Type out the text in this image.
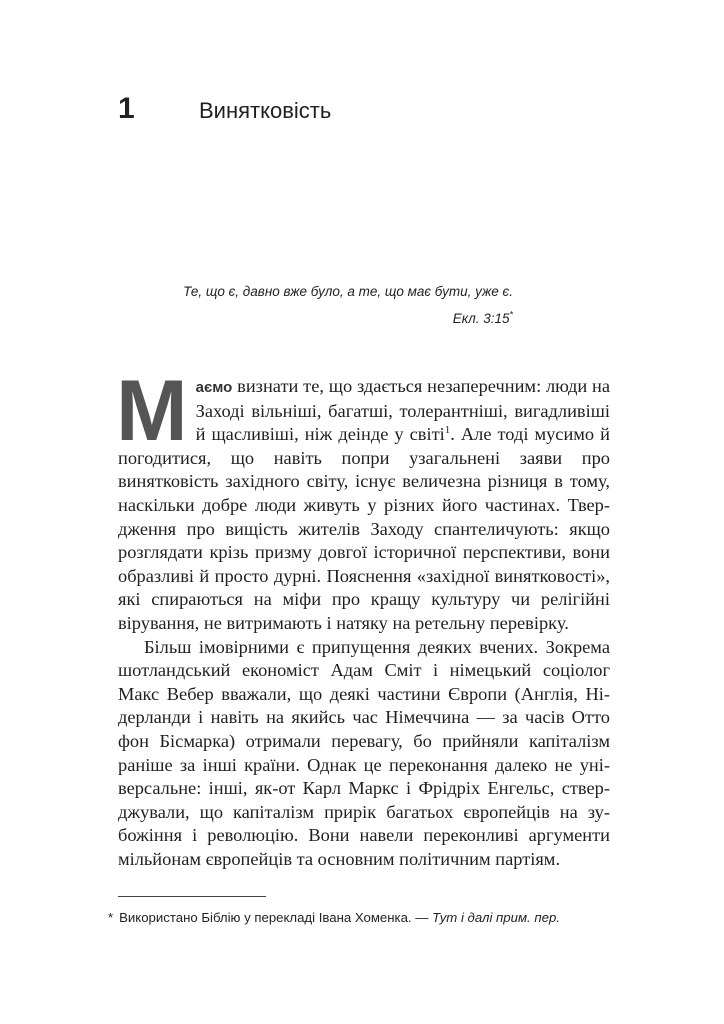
1	Винятковість
Те, що є, давно вже було, а те, що має бути, уже є.
Екл. 3:15*

Маємо визнати те, що здається незаперечним: люди на Заході вільніші, багатші, толерантніші, вигадливіші й щасливіші, ніж деінде у світі$^1$. Але тоді мусимо й погодитися, що навіть попри узагальнені заяви про винятковість західного світу, існує величезна різниця в тому, наскільки добре люди живуть у різних його частинах. Твердження про вищість жителів Заходу спантеличують: якщо розглядати крізь призму довгої історичної перспективи, вони образливі й просто дурні. Пояснення «західної винятковості», які спираються на міфи про кращу культуру чи релігійні вірування, не витримають і натяку на ретельну перевірку.

Більш імовірними є припущення деяких вчених. Зокрема шотландський економіст Адам Сміт і німецький соціолог Макс Вебер вважали, що деякі частини Європи (Англія, Нідерланди і навіть на якийсь час Німеччина — за часів Отто фон Бісмарка) отримали перевагу, бо прийняли капіталізм раніше за інші країни. Однак це переконання далеко не універсальне: інші, як-от Карл Маркс і Фрідріх Енгельс, стверджували, що капіталізм прирік багатьох європейців на зубожіння і революцію. Вони навели переконливі аргументи мільйонам європейців та основним політичним партіям.

* Використано Біблію у перекладі Івана Хоменка. — Тут і далі прим. пер.
